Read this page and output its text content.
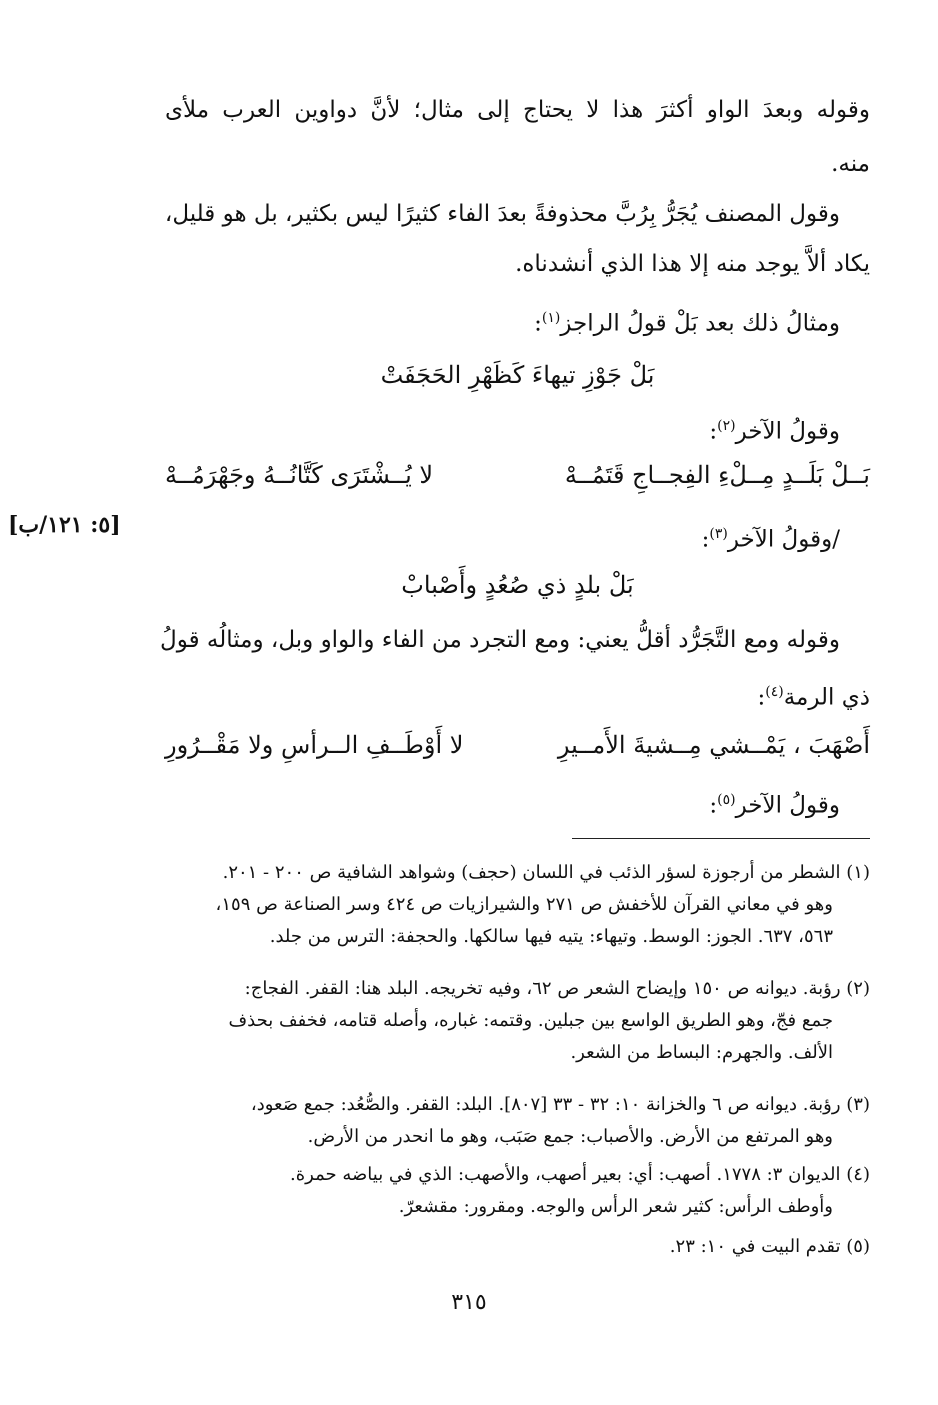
وقوله وبعدَ الواو أكثرَ هذا لا يحتاج إلى مثال؛ لأنَّ دواوين العرب ملأى
منه.
وقول المصنف يُجَرُّ بِرُبَّ محذوفةً بعدَ الفاء كثيرًا ليس بكثير، بل هو قليل،
يكاد ألاَّ يوجد منه إلا هذا الذي أنشدناه.
ومثالُ ذلك بعد بَلْ قولُ الراجز$^{(١)}$:
بَلْ جَوْزِ تيهاءَ كَظَهْرِ الحَجَفَتْ
وقولُ الآخر$^{(٢)}$:
بَــلْ بَلَــدٍ مِــلْءِ الفِجــاجِ قَتَمُــهْ
لا يُــشْتَرَى كَتَّانُــهُ وجَهْرَمُــهْ
[٥: ١٢١/ب]
/وقولُ الآخر$^{(٣)}$:
بَلْ بلدٍ ذي صُعُدٍ وأَصْبابْ
وقوله ومع التَّجَرُّد أقلُّ يعني: ومع التجرد من الفاء والواو وبل، ومثالُه قولُ
ذي الرمة$^{(٤)}$:
أَصْهَبَ ، يَمْــشي مِــشيةَ الأَمــيرِ
لا أَوْطَــفِ الــرأسِ ولا مَقْــرُورِ
وقولُ الآخر$^{(٥)}$:
(١) الشطر من أرجوزة لسؤر الذئب في اللسان (حجف) وشواهد الشافية ص ٢٠٠ - ٢٠١.
وهو في معاني القرآن للأخفش ص ٢٧١ والشيرازيات ص ٤٢٤ وسر الصناعة ص ١٥٩،
٥٦٣، ٦٣٧. الجوز: الوسط. وتيهاء: يتيه فيها سالكها. والحجفة: الترس من جلد.
(٢) رؤبة. ديوانه ص ١٥٠ وإيضاح الشعر ص ٦٢، وفيه تخريجه. البلد هنا: القفر. الفجاج:
جمع فجّ، وهو الطريق الواسع بين جبلين. وقتمه: غباره، وأصله قتامه، فخفف بحذف
الألف. والجهرم: البساط من الشعر.
(٣) رؤبة. ديوانه ص ٦ والخزانة ١٠: ٣٢ - ٣٣ [٨٠٧]. البلد: القفر. والصُّعُد: جمع صَعود،
وهو المرتفع من الأرض. والأصباب: جمع صَبَب، وهو ما انحدر من الأرض.
(٤) الديوان ٣: ١٧٧٨. أصهب: أي: بعير أصهب، والأصهب: الذي في بياضه حمرة.
وأوطف الرأس: كثير شعر الرأس والوجه. ومقرور: مقشعرّ.
(٥) تقدم البيت في ١٠: ٢٣.
٣١٥
